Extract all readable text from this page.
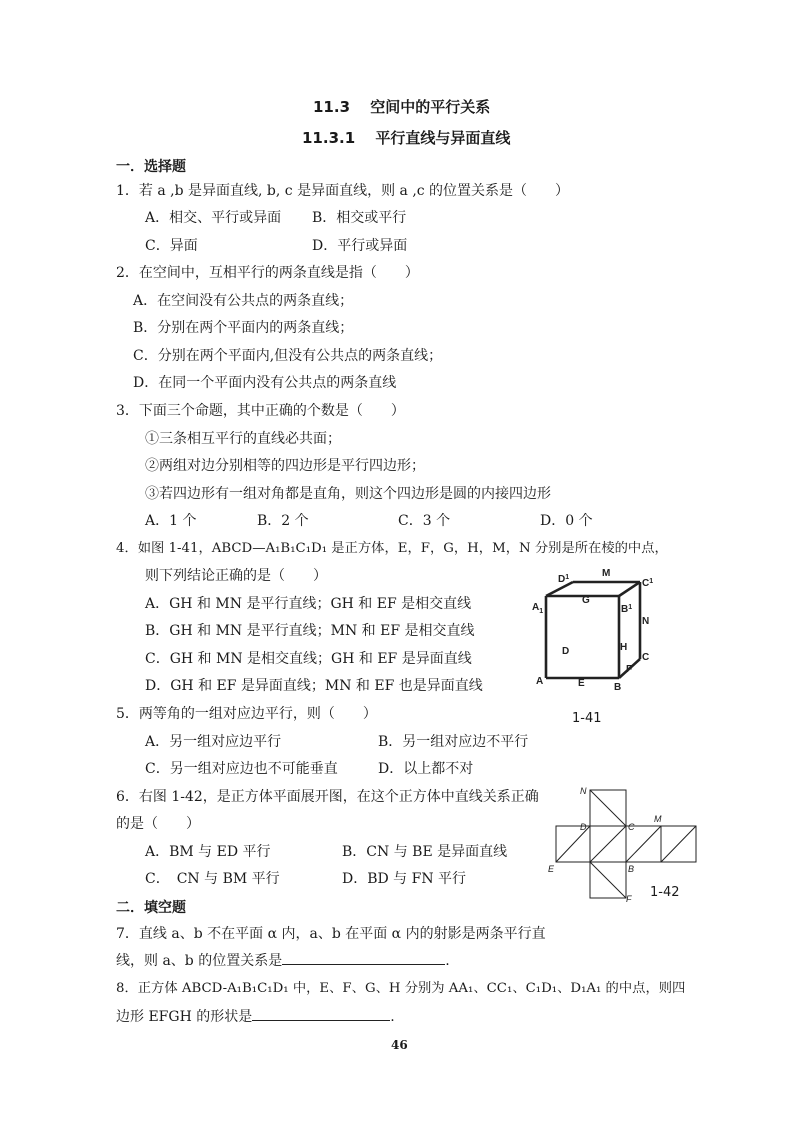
11.3　 空间中的平行关系
11.3.1　 平行直线与异面直线
一．选择题
1．若 a ,b 是异面直线, b, c 是异面直线，则 a ,c 的位置关系是（　　）
A．相交、平行或异面 B．相交或平行
C．异面	D．平行或异面
2．在空间中，互相平行的两条直线是指（　　）
A．在空间没有公共点的两条直线；
B．分别在两个平面内的两条直线；
C．分别在两个平面内,但没有公共点的两条直线；
D．在同一个平面内没有公共点的两条直线
3．下面三个命题，其中正确的个数是（　　）
①三条相互平行的直线必共面；
②两组对边分别相等的四边形是平行四边形；
③若四边形有一组对角都是直角，则这个四边形是圆的内接四边形
A．1 个	B．2 个	C．3 个	D．0 个
4．如图 1-41，ABCD—A₁B₁C₁D₁ 是正方体，E，F，G，H，M，N 分别是所在棱的中点，
则下列结论正确的是（　　）
A．GH 和 MN 是平行直线；GH 和 EF 是相交直线
B．GH 和 MN 是平行直线；MN 和 EF 是相交直线
C．GH 和 MN 是相交直线；GH 和 EF 是异面直线
D．GH 和 EF 是异面直线；MN 和 EF 也是异面直线
5．两等角的一组对应边平行，则（　　）
A．另一组对应边平行	B．另一组对应边不平行
C．另一组对应边也不可能垂直	D．以上都不对
6．右图 1-42，是正方体平面展开图，在这个正方体中直线关系正确
的是（　　）
A．BM 与 ED 平行	B．CN 与 BE 是异面直线
C．　CN 与 BM 平行	D．BD 与 FN 平行
二．填空题
7．直线 a、b 不在平面 α 内，a、b 在平面 α 内的射影是两条平行直
线，则 a、b 的位置关系是	.
8．正方体 ABCD-A₁B₁C₁D₁ 中，E、F、G、H 分别为 AA₁、CC₁、C₁D₁、D₁A₁ 的中点，则四
边形 EFGH 的形状是	.
$D^1$	M
$C^1$
$A_1$
G
$B^1$
N
D	H
C
F
A	E	B
1-41
N
D	C
M
E	B
F 1-42
46
